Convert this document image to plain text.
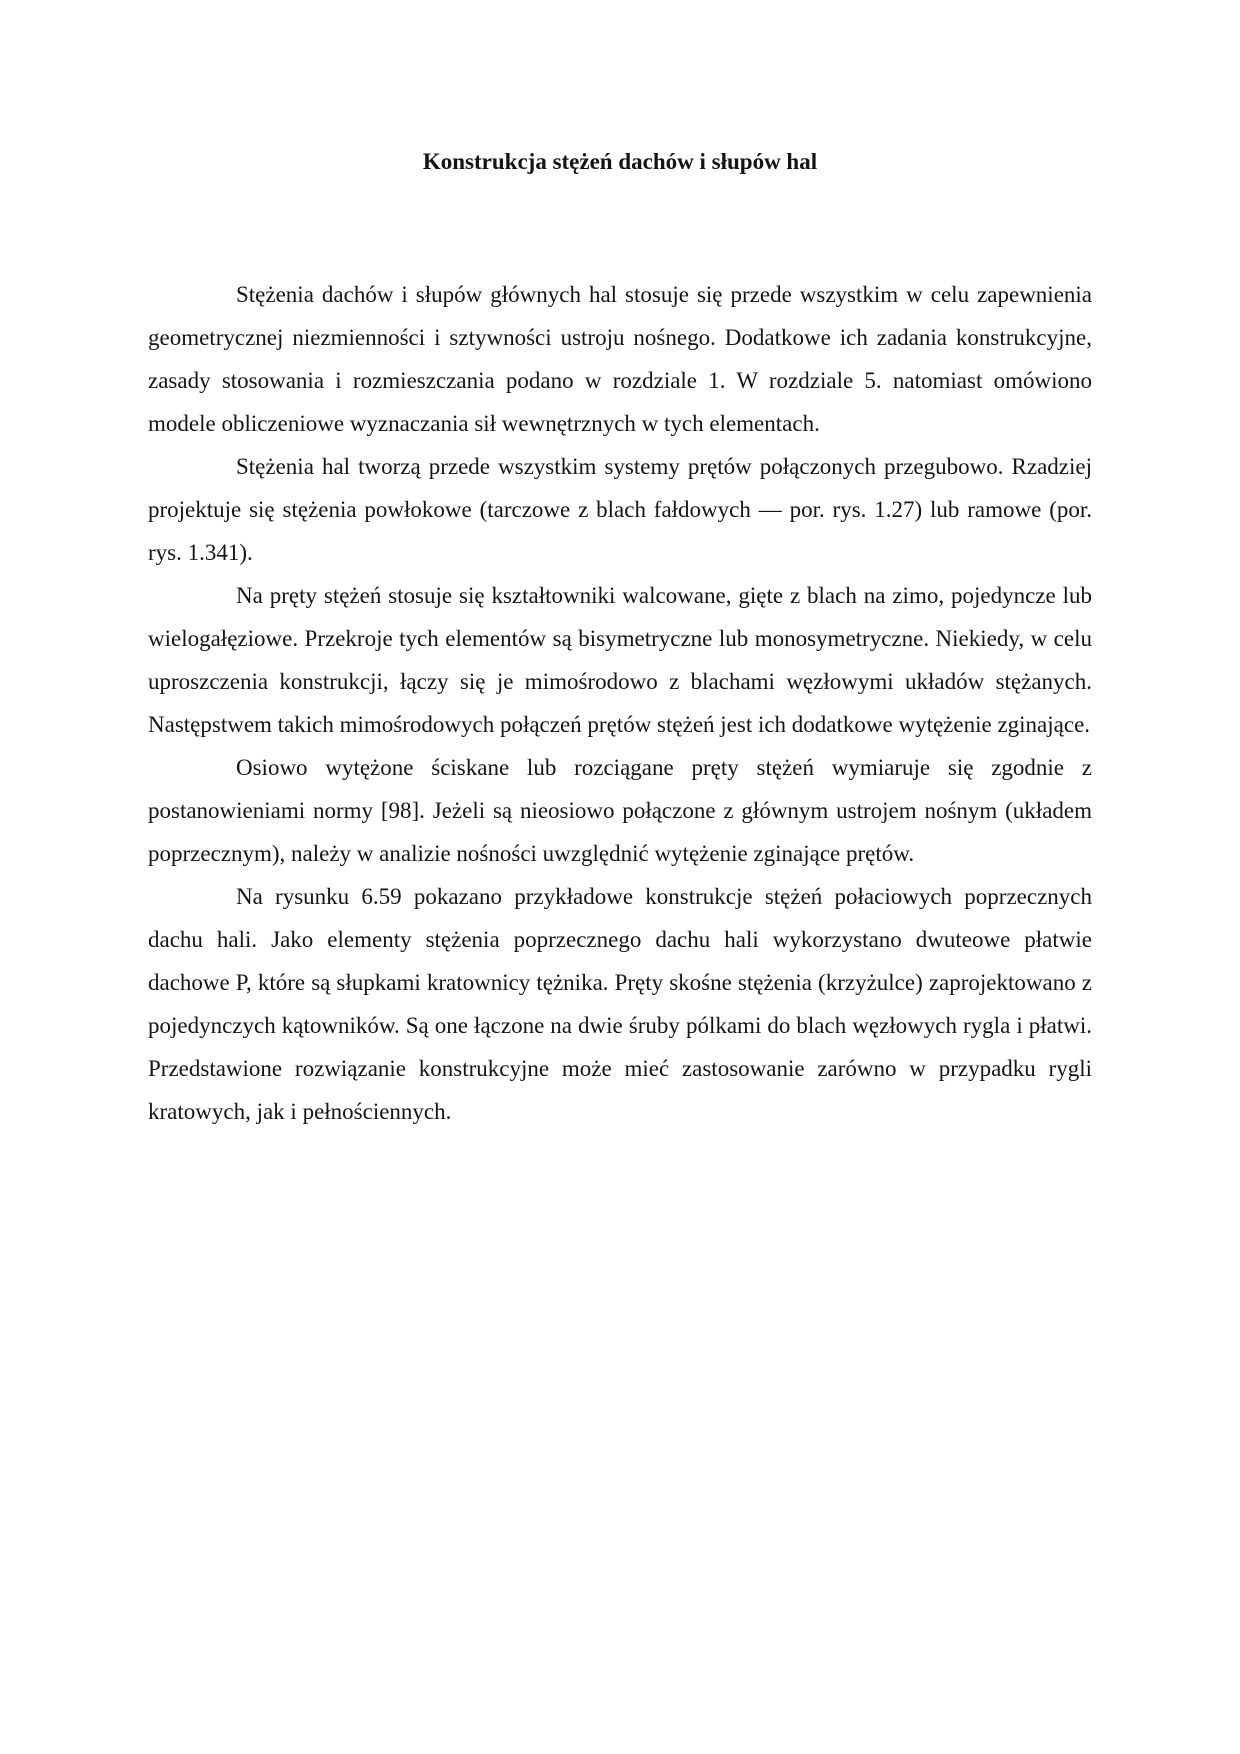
Konstrukcja stężeń dachów i słupów hal

Stężenia dachów i słupów głównych hal stosuje się przede wszystkim w celu zapewnienia geometrycznej niezmienności i sztywności ustroju nośnego. Dodatkowe ich zadania konstrukcyjne, zasady stosowania i rozmieszczania podano w rozdziale 1. W rozdziale 5. natomiast omówiono modele obliczeniowe wyznaczania sił wewnętrznych w tych elementach.

Stężenia hal tworzą przede wszystkim systemy prętów połączonych przegubowo. Rzadziej projektuje się stężenia powłokowe (tarczowe z blach fałdowych — por. rys. 1.27) lub ramowe (por. rys. 1.341).

Na pręty stężeń stosuje się kształtowniki walcowane, gięte z blach na zimo, pojedyncze lub wielogałęziowe. Przekroje tych elementów są bisymetryczne lub monosymetryczne. Niekiedy, w celu uproszczenia konstrukcji, łączy się je mimośrodowo z blachami węzłowymi układów stężanych. Następstwem takich mimośrodowych połączeń prętów stężeń jest ich dodatkowe wytężenie zginające.

Osiowo wytężone ściskane lub rozciągane pręty stężeń wymiaruje się zgodnie z postanowieniami normy [98]. Jeżeli są nieosiowo połączone z głównym ustrojem nośnym (układem poprzecznym), należy w analizie nośności uwzględnić wytężenie zginające prętów.

Na rysunku 6.59 pokazano przykładowe konstrukcje stężeń połaciowych poprzecznych dachu hali. Jako elementy stężenia poprzecznego dachu hali wykorzystano dwuteowe płatwie dachowe P, które są słupkami kratownicy tężnika. Pręty skośne stężenia (krzyżulce) zaprojektowano z pojedynczych kątowników. Są one łączone na dwie śruby pólkami do blach węzłowych rygla i płatwi. Przedstawione rozwiązanie konstrukcyjne może mieć zastosowanie zarówno w przypadku rygli kratowych, jak i pełnościennych.
